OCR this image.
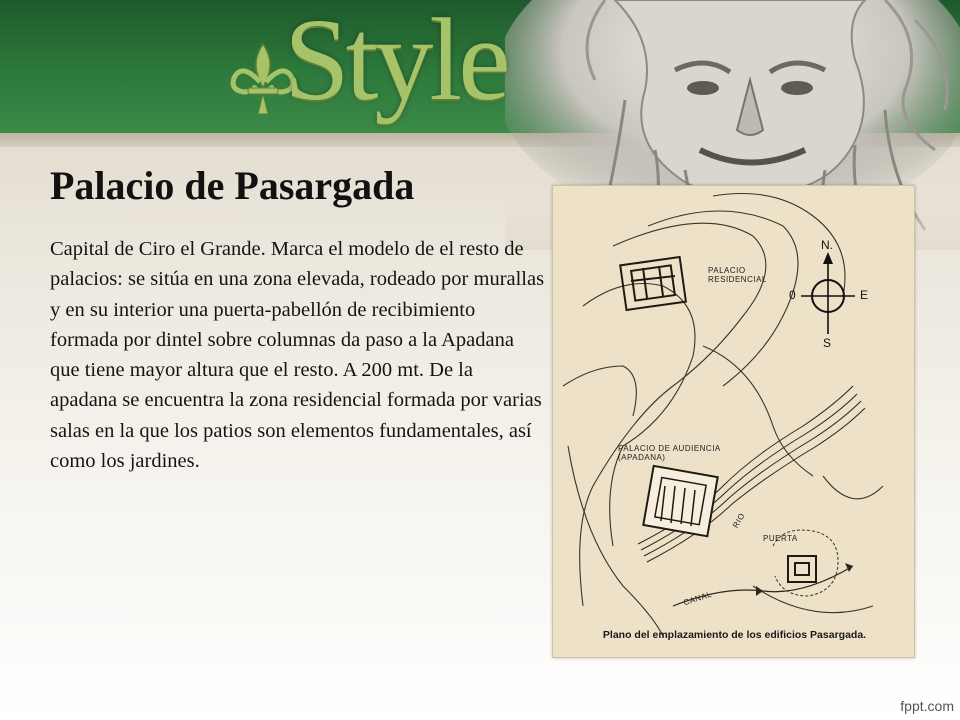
Style
Palacio de Pasargada

Capital de Ciro el Grande. Marca el modelo de el resto de palacios: se sitúa en una zona elevada, rodeado por murallas y en su interior una puerta-pabellón de recibimiento formada por dintel sobre columnas da paso a la Apadana que tiene mayor altura que el resto. A 200 mt. De la apadana se encuentra la zona residencial formada por varias salas en la que los patios son elementos fundamentales, así como los jardines.

PALACIO
RESIDENCIAL
PALACIO DE AUDIENCIA
(APADANA)
RIO
PUERTA
CANAL
N.
E
S
0
Plano del emplazamiento de los edificios Pasargada.
fppt.com
